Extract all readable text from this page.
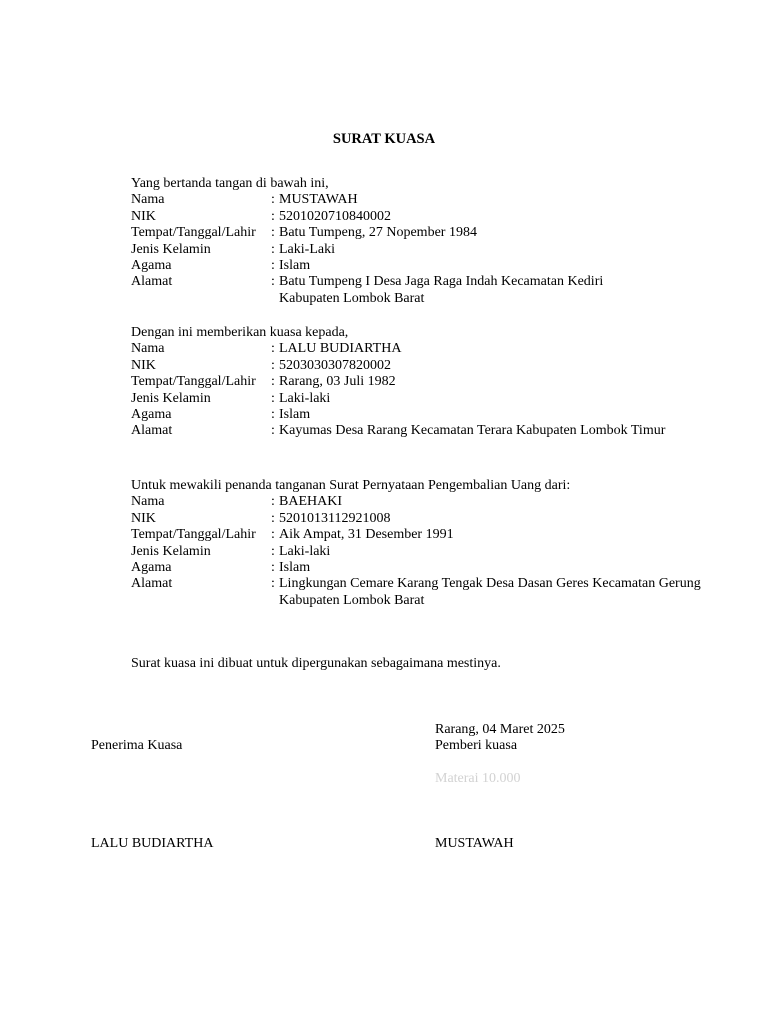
SURAT KUASA
Yang bertanda tangan di bawah ini,
Nama	: MUSTAWAH
NIK	: 5201020710840002
Tempat/Tanggal/Lahir	: Batu Tumpeng, 27 Nopember 1984
Jenis Kelamin	: Laki-Laki
Agama	: Islam
Alamat	: Batu Tumpeng I Desa Jaga Raga Indah Kecamatan Kediri Kabupaten Lombok Barat
Dengan ini memberikan kuasa kepada,
Nama	: LALU BUDIARTHA
NIK	: 5203030307820002
Tempat/Tanggal/Lahir	: Rarang, 03 Juli 1982
Jenis Kelamin	: Laki-laki
Agama	: Islam
Alamat	: Kayumas Desa Rarang Kecamatan Terara Kabupaten Lombok Timur
Untuk mewakili penanda tanganan Surat Pernyataan Pengembalian Uang dari:
Nama	: BAEHAKI
NIK	: 5201013112921008
Tempat/Tanggal/Lahir	: Aik Ampat, 31 Desember 1991
Jenis Kelamin	: Laki-laki
Agama	: Islam
Alamat	: Lingkungan Cemare Karang Tengak Desa Dasan Geres Kecamatan Gerung Kabupaten Lombok Barat
Surat kuasa ini dibuat untuk dipergunakan sebagaimana mestinya.
Rarang, 04 Maret 2025
Penerima Kuasa	Pemberi kuasa
Materai 10.000
LALU BUDIARTHA	MUSTAWAH
